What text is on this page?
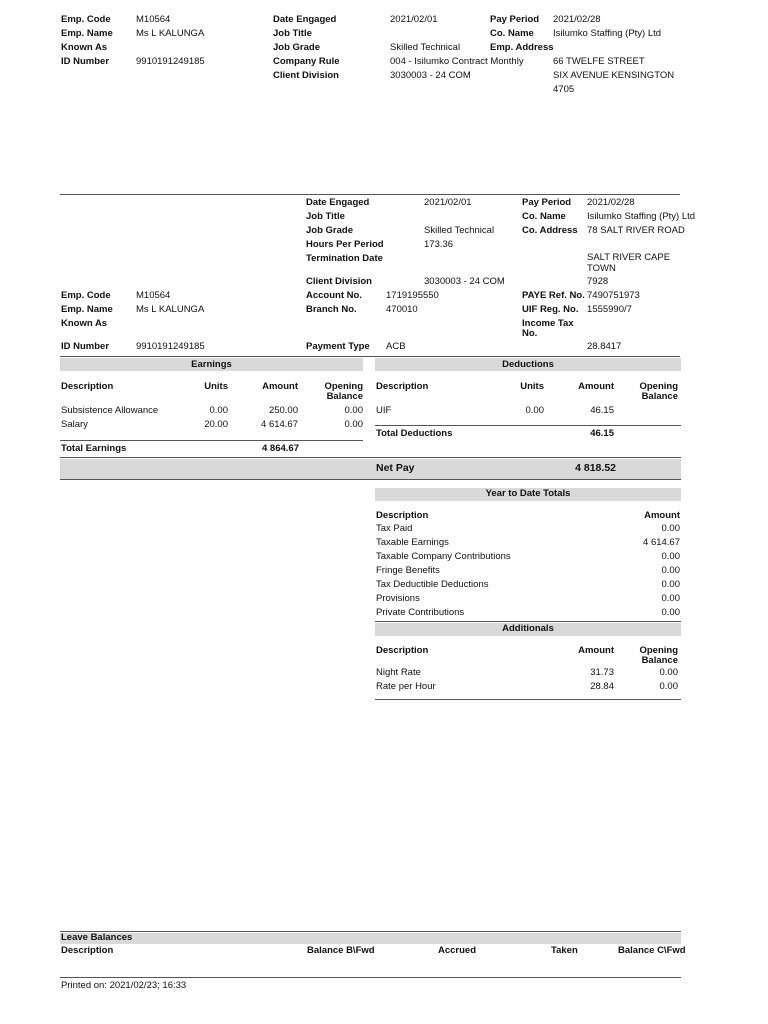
Emp. Code	M10564
Emp. Name Ms L KALUNGA
Known As
ID Number	9910191249185
Date Engaged	2021/02/01
Job Title
Job Grade	Skilled Technical
Company Rule	004 - Isilumko Contract Monthly
Client Division	3030003 - 24 COM
Pay Period 2021/02/28
Co. Name Isilumko Staffing (Pty) Ltd
Emp. Address
66 TWELFE STREET
SIX AVENUE KENSINGTON
4705
Date Engaged	2021/02/01
Job Title
Job Grade	Skilled Technical
Hours Per Period	173.36
Termination Date
Client Division	3030003 - 24 COM
Account No.	1719195550
Branch No.	470010
Payment Type ACB
Pay Period 2021/02/28
Co. Name Isilumko Staffing (Pty) Ltd
Co. Address 78 SALT RIVER ROAD
SALT RIVER CAPE
TOWN
7928
PAYE Ref. No. 7490751973
UIF Reg. No. 1555990/7
Income Tax
No.
28.8417
Emp. Code	M10564
Emp. Name Ms L KALUNGA
Known As
ID Number	9910191249185
Earnings
Description	Units	Amount	Opening
Balance
Subsistence Allowance	0.00	250.00	0.00
Salary	20.00	4 614.67	0.00
Total Earnings	4 864.67
Deductions
Description	Units	Amount	Opening
Balance
UIF	0.00	46.15
Total Deductions	46.15
Net Pay	4 818.52
Year to Date Totals
Description	Amount
Tax Paid	0.00
Taxable Earnings	4 614.67
Taxable Company Contributions	0.00
Fringe Benefits	0.00
Tax Deductible Deductions	0.00
Provisions	0.00
Private Contributions	0.00
Additionals
Description	Amount	Opening
Balance
Night Rate	31.73	0.00
Rate per Hour	28.84	0.00
Leave Balances
Description	Balance B\Fwd	Accrued	Taken	Balance C\Fwd
Printed on: 2021/02/23; 16:33
